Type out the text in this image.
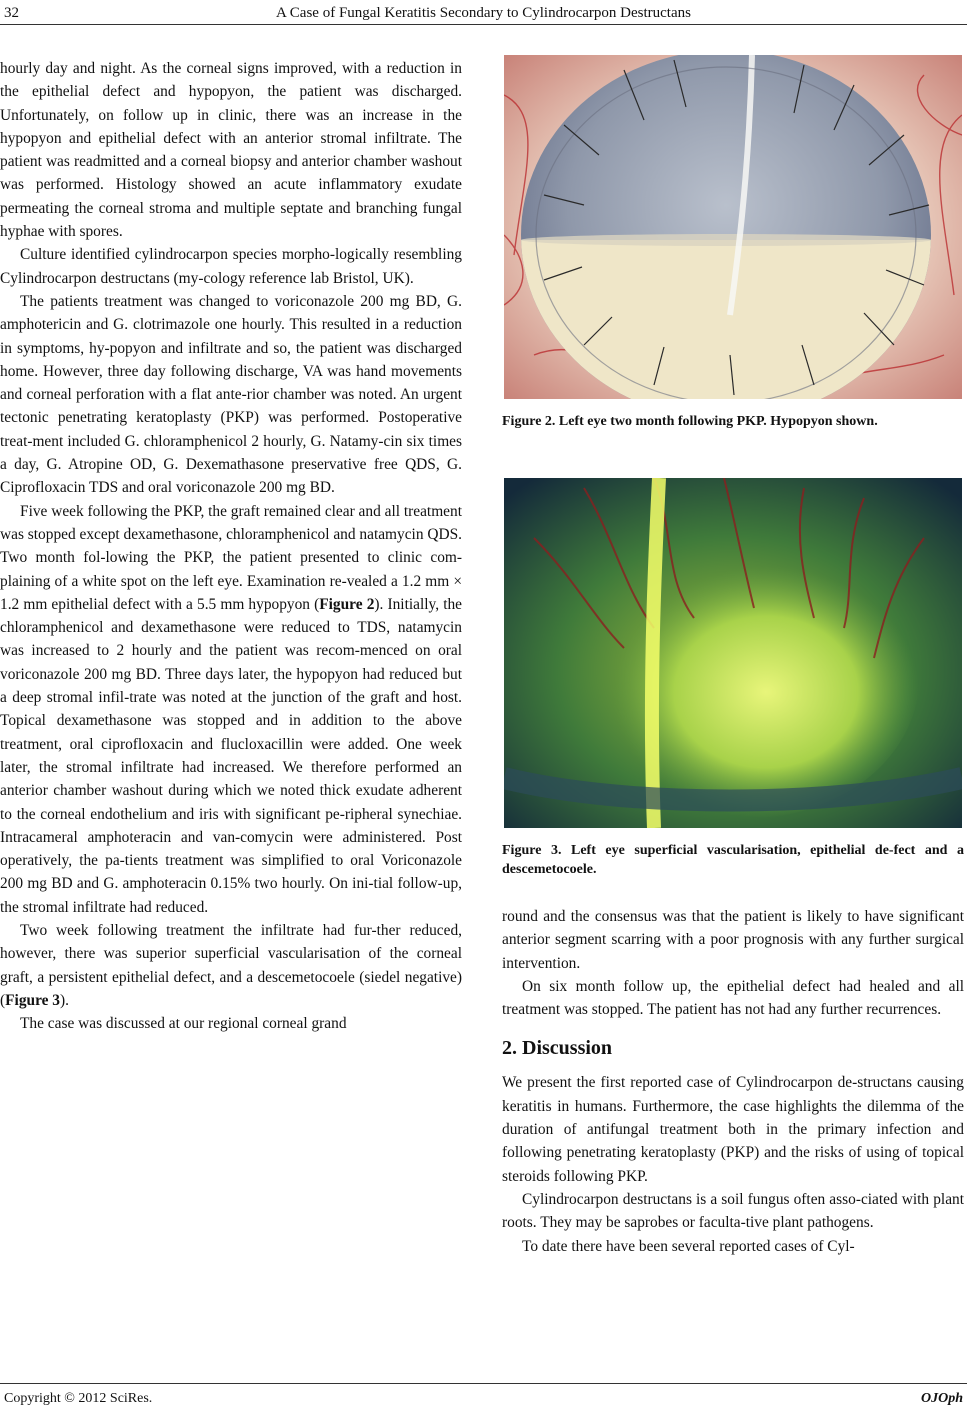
32	A Case of Fungal Keratitis Secondary to Cylindrocarpon Destructans

hourly day and night. As the corneal signs improved, with a reduction in the epithelial defect and hypopyon, the patient was discharged. Unfortunately, on follow up in clinic, there was an increase in the hypopyon and epithelial defect with an anterior stromal infiltrate. The patient was readmitted and a corneal biopsy and anterior chamber washout was performed. Histology showed an acute inflammatory exudate permeating the corneal stroma and multiple septate and branching fungal hyphae with spores.

Culture identified cylindrocarpon species morpho-logically resembling Cylindrocarpon destructans (my-cology reference lab Bristol, UK).

The patients treatment was changed to voriconazole 200 mg BD, G. amphotericin and G. clotrimazole one hourly. This resulted in a reduction in symptoms, hy-popyon and infiltrate and so, the patient was discharged home. However, three day following discharge, VA was hand movements and corneal perforation with a flat ante-rior chamber was noted. An urgent tectonic penetrating keratoplasty (PKP) was performed. Postoperative treat-ment included G. chloramphenicol 2 hourly, G. Natamy-cin six times a day, G. Atropine OD, G. Dexemathasone preservative free QDS, G. Ciprofloxacin TDS and oral voriconazole 200 mg BD.

Five week following the PKP, the graft remained clear and all treatment was stopped except dexamethasone, chloramphenicol and natamycin QDS. Two month fol-lowing the PKP, the patient presented to clinic com-plaining of a white spot on the left eye. Examination re-vealed a 1.2 mm × 1.2 mm epithelial defect with a 5.5 mm hypopyon (Figure 2). Initially, the chloramphenicol and dexamethasone were reduced to TDS, natamycin was increased to 2 hourly and the patient was recom-menced on oral voriconazole 200 mg BD. Three days later, the hypopyon had reduced but a deep stromal infil-trate was noted at the junction of the graft and host. Topical dexamethasone was stopped and in addition to the above treatment, oral ciprofloxacin and flucloxacillin were added. One week later, the stromal infiltrate had increased. We therefore performed an anterior chamber washout during which we noted thick exudate adherent to the corneal endothelium and iris with significant pe-ripheral synechiae. Intracameral amphoteracin and van-comycin were administered. Post operatively, the pa-tients treatment was simplified to oral Voriconazole 200 mg BD and G. amphoteracin 0.15% two hourly. On ini-tial follow-up, the stromal infiltrate had reduced.

Two week following treatment the infiltrate had fur-ther reduced, however, there was superior superficial vascularisation of the corneal graft, a persistent epithelial defect, and a descemetocoele (siedel negative) (Figure 3).

The case was discussed at our regional corneal grand

Figure 2. Left eye two month following PKP. Hypopyon shown.
Figure 3. Left eye superficial vascularisation, epithelial de-fect and a descemetocoele.

round and the consensus was that the patient is likely to have significant anterior segment scarring with a poor prognosis with any further surgical intervention.

On six month follow up, the epithelial defect had healed and all treatment was stopped. The patient has not had any further recurrences.

2. Discussion

We present the first reported case of Cylindrocarpon de-structans causing keratitis in humans. Furthermore, the case highlights the dilemma of the duration of antifungal treatment both in the primary infection and following penetrating keratoplasty (PKP) and the risks of using of topical steroids following PKP.

Cylindrocarpon destructans is a soil fungus often asso-ciated with plant roots. They may be saprobes or faculta-tive plant pathogens.

To date there have been several reported cases of Cyl-

Copyright © 2012 SciRes.	OJOph
